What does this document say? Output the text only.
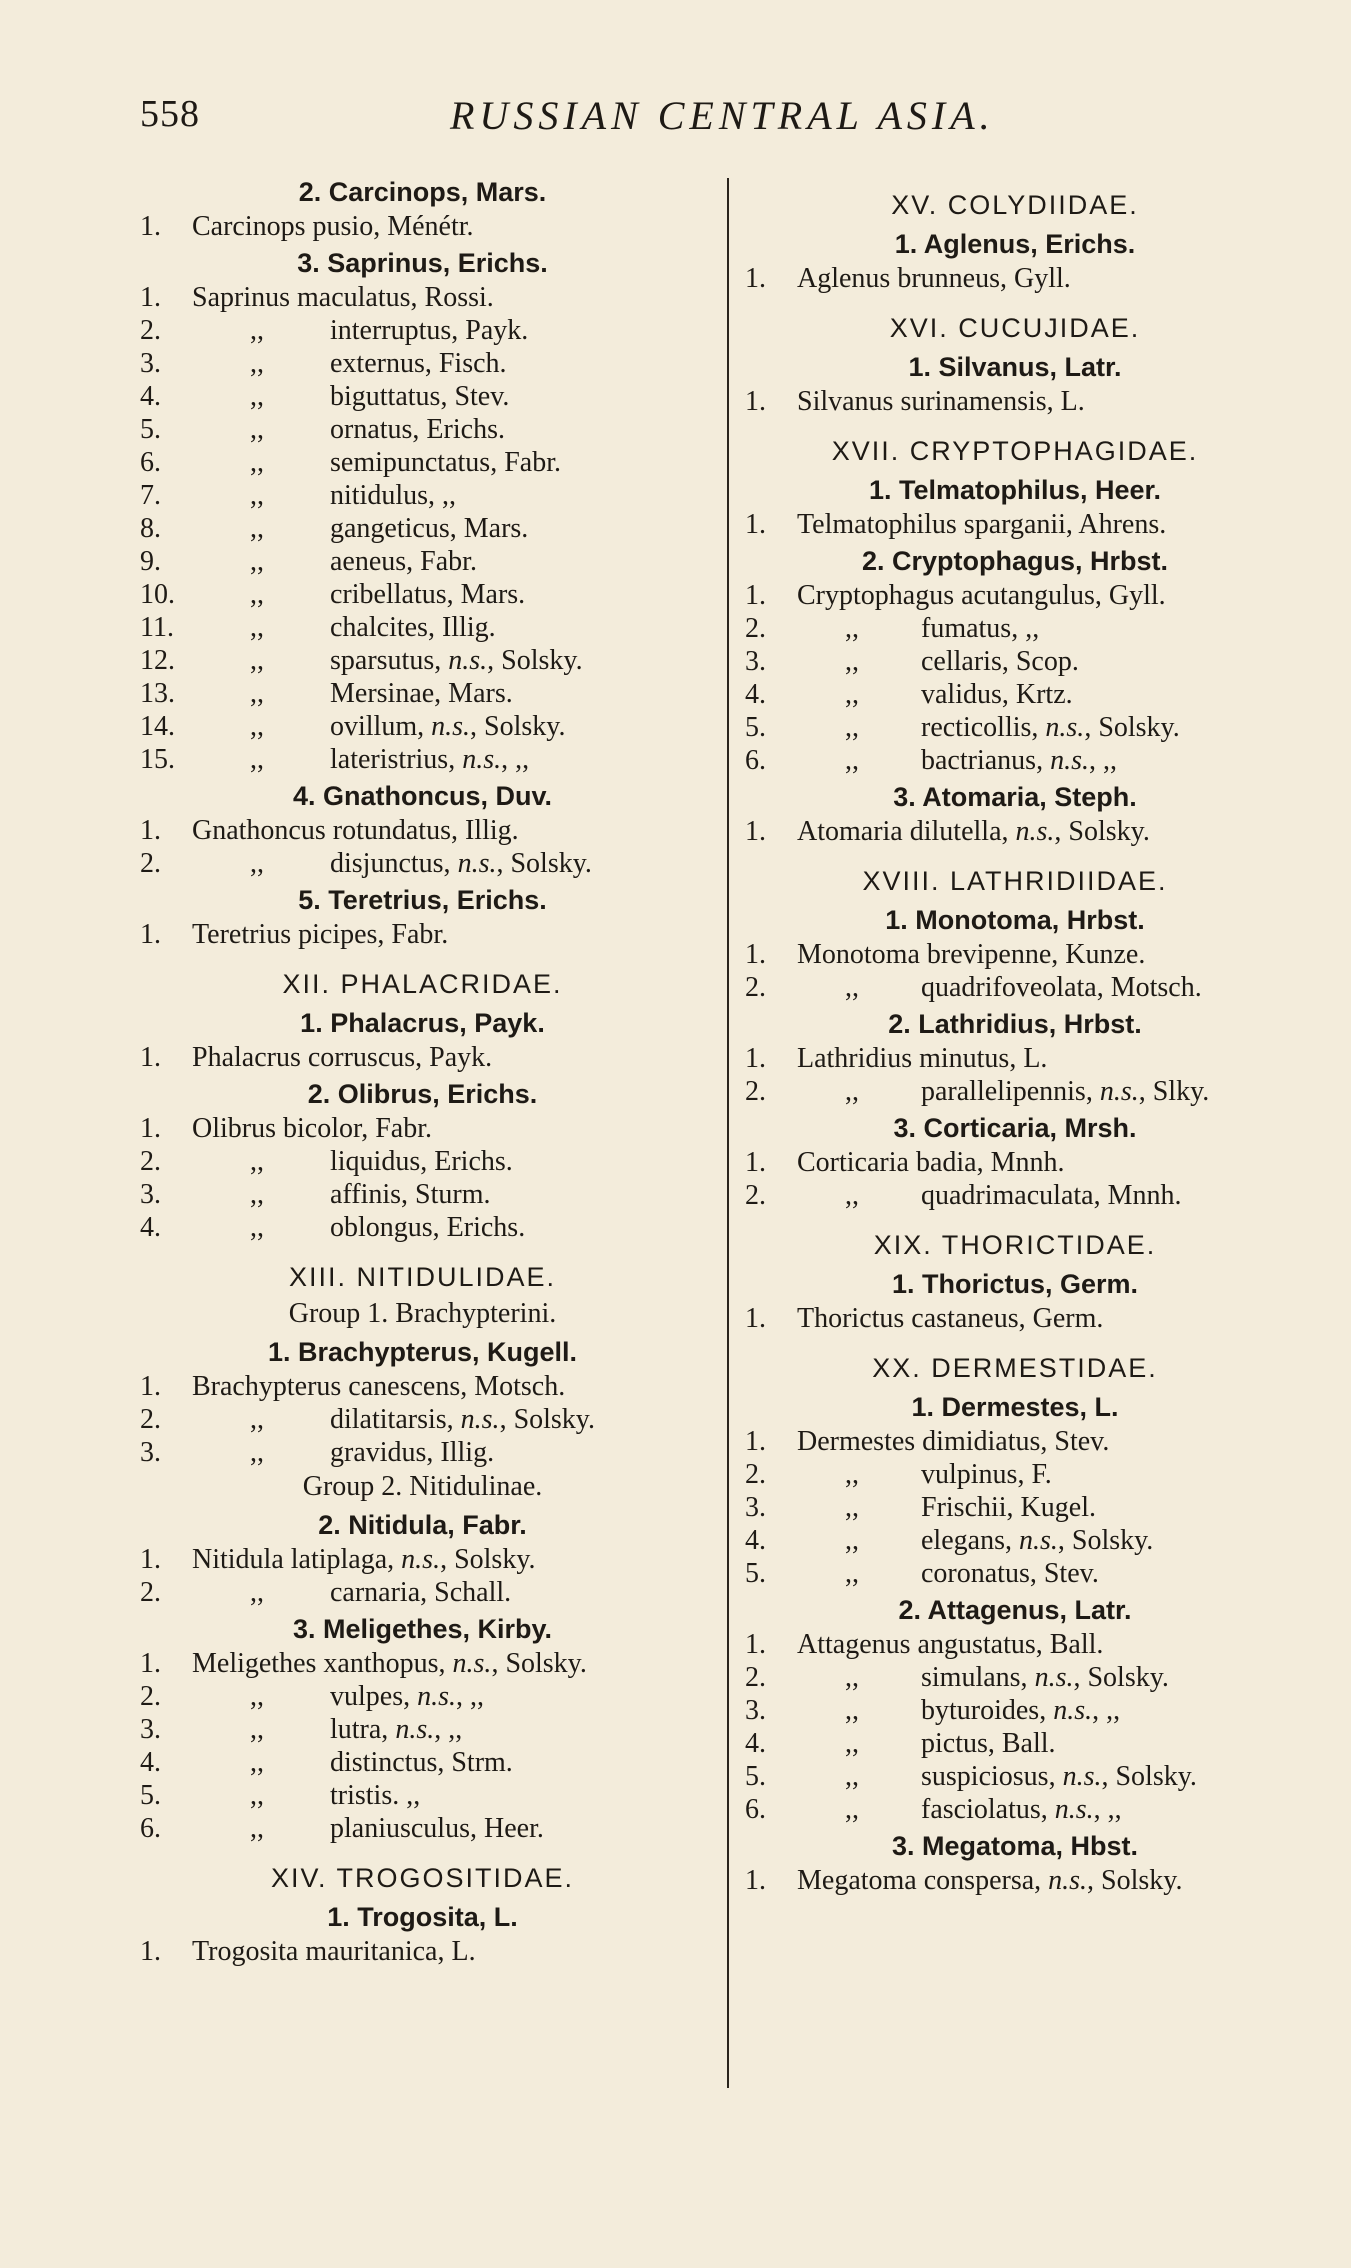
558	RUSSIAN CENTRAL ASIA.
2. Carcinops, Mars.
1.	Carcinops pusio, Ménétr.
3. Saprinus, Erichs.
1.	Saprinus maculatus, Rossi.
2.	,, interruptus, Payk.
3.	,, externus, Fisch.
4.	,, biguttatus, Stev.
5.	,, ornatus, Erichs.
6.	,, semipunctatus, Fabr.
7.	,, nitidulus, ,,
8.	,, gangeticus, Mars.
9.	,, aeneus, Fabr.
10.	,, cribellatus, Mars.
11.	,, chalcites, Illig.
12.	,, sparsutus, n.s., Solsky.
13.	,, Mersinae, Mars.
14.	,, ovillum, n.s., Solsky.
15.	,, lateristrius, n.s., ,,
4. Gnathoncus, Duv.
1.	Gnathoncus rotundatus, Illig.
2.	,, disjunctus, n.s., Solsky.
5. Teretrius, Erichs.
1.	Teretrius picipes, Fabr.
XII. PHALACRIDAE.
1. Phalacrus, Payk.
1.	Phalacrus corruscus, Payk.
2. Olibrus, Erichs.
1.	Olibrus bicolor, Fabr.
2.	,, liquidus, Erichs.
3.	,, affinis, Sturm.
4.	,, oblongus, Erichs.
XIII. NITIDULIDAE.
Group 1. Brachypterini.
1. Brachypterus, Kugell.
1.	Brachypterus canescens, Motsch.
2.	,, dilatitarsis, n.s., Solsky.
3.	,, gravidus, Illig.
Group 2. Nitidulinae.
2. Nitidula, Fabr.
1.	Nitidula latiplaga, n.s., Solsky.
2.	,, carnaria, Schall.
3. Meligethes, Kirby.
1.	Meligethes xanthopus, n.s., Solsky.
2.	,, vulpes, n.s., ,,
3.	,, lutra, n.s., ,,
4.	,, distinctus, Strm.
5.	,, tristis. ,,
6.	,, planiusculus, Heer.
XIV. TROGOSITIDAE.
1. Trogosita, L.
1.	Trogosita mauritanica, L.
XV. COLYDIIDAE.
1. Aglenus, Erichs.
1.	Aglenus brunneus, Gyll.
XVI. CUCUJIDAE.
1. Silvanus, Latr.
1.	Silvanus surinamensis, L.
XVII. CRYPTOPHAGIDAE.
1. Telmatophilus, Heer.
1.	Telmatophilus sparganii, Ahrens.
2. Cryptophagus, Hrbst.
1.	Cryptophagus acutangulus, Gyll.
2.	,, fumatus, ,,
3.	,, cellaris, Scop.
4.	,, validus, Krtz.
5.	,, recticollis, n.s., Solsky.
6.	,, bactrianus, n.s., ,,
3. Atomaria, Steph.
1.	Atomaria dilutella, n.s., Solsky.
XVIII. LATHRIDIIDAE.
1. Monotoma, Hrbst.
1.	Monotoma brevipenne, Kunze.
2.	,, quadrifoveolata, Motsch.
2. Lathridius, Hrbst.
1.	Lathridius minutus, L.
2.	,, parallelipennis, n.s., Slky.
3. Corticaria, Mrsh.
1.	Corticaria badia, Mnnh.
2.	,, quadrimaculata, Mnnh.
XIX. THORICTIDAE.
1. Thorictus, Germ.
1.	Thorictus castaneus, Germ.
XX. DERMESTIDAE.
1. Dermestes, L.
1.	Dermestes dimidiatus, Stev.
2.	,, vulpinus, F.
3.	,, Frischii, Kugel.
4.	,, elegans, n.s., Solsky.
5.	,, coronatus, Stev.
2. Attagenus, Latr.
1.	Attagenus angustatus, Ball.
2.	,, simulans, n.s., Solsky.
3.	,, byturoides, n.s., ,,
4.	,, pictus, Ball.
5.	,, suspiciosus, n.s., Solsky.
6.	,, fasciolatus, n.s., ,,
3. Megatoma, Hbst.
1.	Megatoma conspersa, n.s., Solsky.
